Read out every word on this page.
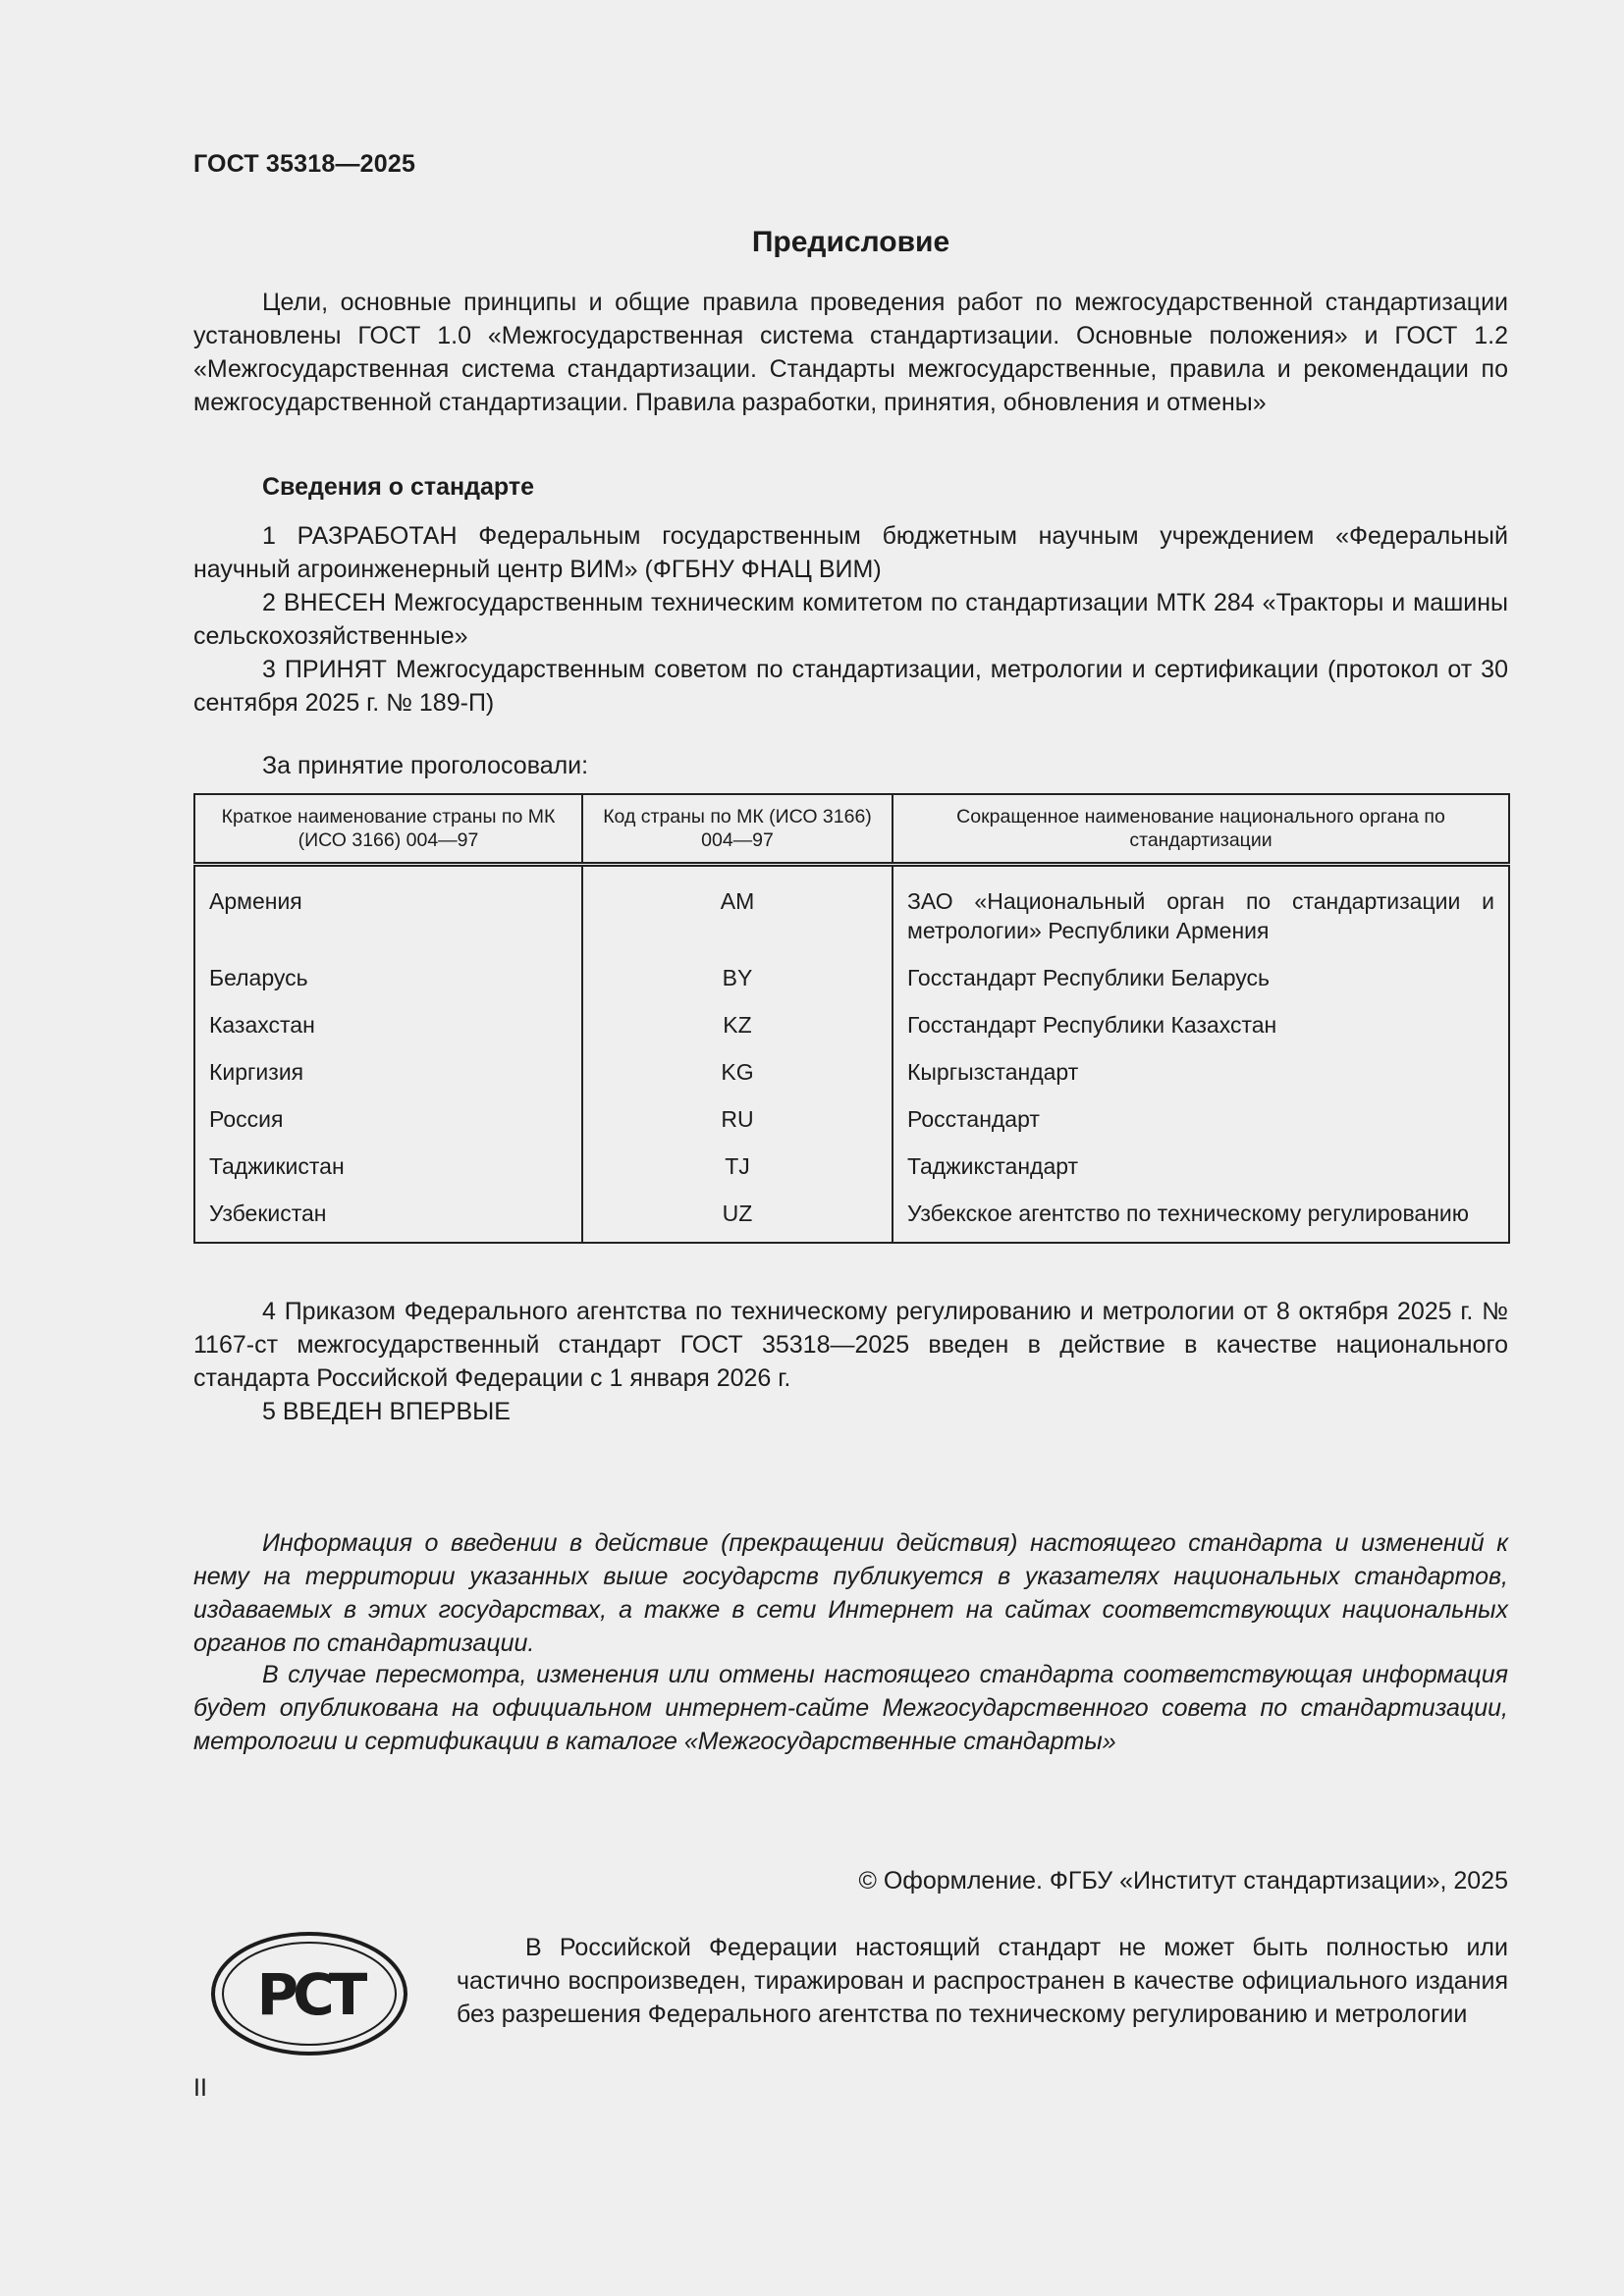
ГОСТ 35318—2025
Предисловие
Цели, основные принципы и общие правила проведения работ по межгосударственной стандартизации установлены ГОСТ 1.0 «Межгосударственная система стандартизации. Основные положения» и ГОСТ 1.2 «Межгосударственная система стандартизации. Стандарты межгосударственные, правила и рекомендации по межгосударственной стандартизации. Правила разработки, принятия, обновления и отмены»
Сведения о стандарте
1 РАЗРАБОТАН Федеральным государственным бюджетным научным учреждением «Федеральный научный агроинженерный центр ВИМ» (ФГБНУ ФНАЦ ВИМ)
2 ВНЕСЕН Межгосударственным техническим комитетом по стандартизации МТК 284 «Тракторы и машины сельскохозяйственные»
3 ПРИНЯТ Межгосударственным советом по стандартизации, метрологии и сертификации (протокол от 30 сентября 2025 г. № 189-П)
За принятие проголосовали:
Краткое наименование страны по МК (ИСО 3166) 004—97	Код страны по МК (ИСО 3166) 004—97	Сокращенное наименование национального органа по стандартизации
Армения	AM	ЗАО «Национальный орган по стандартизации и метрологии» Республики Армения
Беларусь	BY	Госстандарт Республики Беларусь
Казахстан	KZ	Госстандарт Республики Казахстан
Киргизия	KG	Кыргызстандарт
Россия	RU	Росстандарт
Таджикистан	TJ	Таджикстандарт
Узбекистан	UZ	Узбекское агентство по техническому регулированию
4 Приказом Федерального агентства по техническому регулированию и метрологии от 8 октября 2025 г. № 1167-ст межгосударственный стандарт ГОСТ 35318—2025 введен в действие в качестве национального стандарта Российской Федерации с 1 января 2026 г.
5 ВВЕДЕН ВПЕРВЫЕ
Информация о введении в действие (прекращении действия) настоящего стандарта и изменений к нему на территории указанных выше государств публикуется в указателях национальных стандартов, издаваемых в этих государствах, а также в сети Интернет на сайтах соответствующих национальных органов по стандартизации.
В случае пересмотра, изменения или отмены настоящего стандарта соответствующая информация будет опубликована на официальном интернет-сайте Межгосударственного совета по стандартизации, метрологии и сертификации в каталоге «Межгосударственные стандарты»
© Оформление. ФГБУ «Институт стандартизации», 2025
РСТ
В Российской Федерации настоящий стандарт не может быть полностью или частично воспроизведен, тиражирован и распространен в качестве официального издания без разрешения Федерального агентства по техническому регулированию и метрологии
II
